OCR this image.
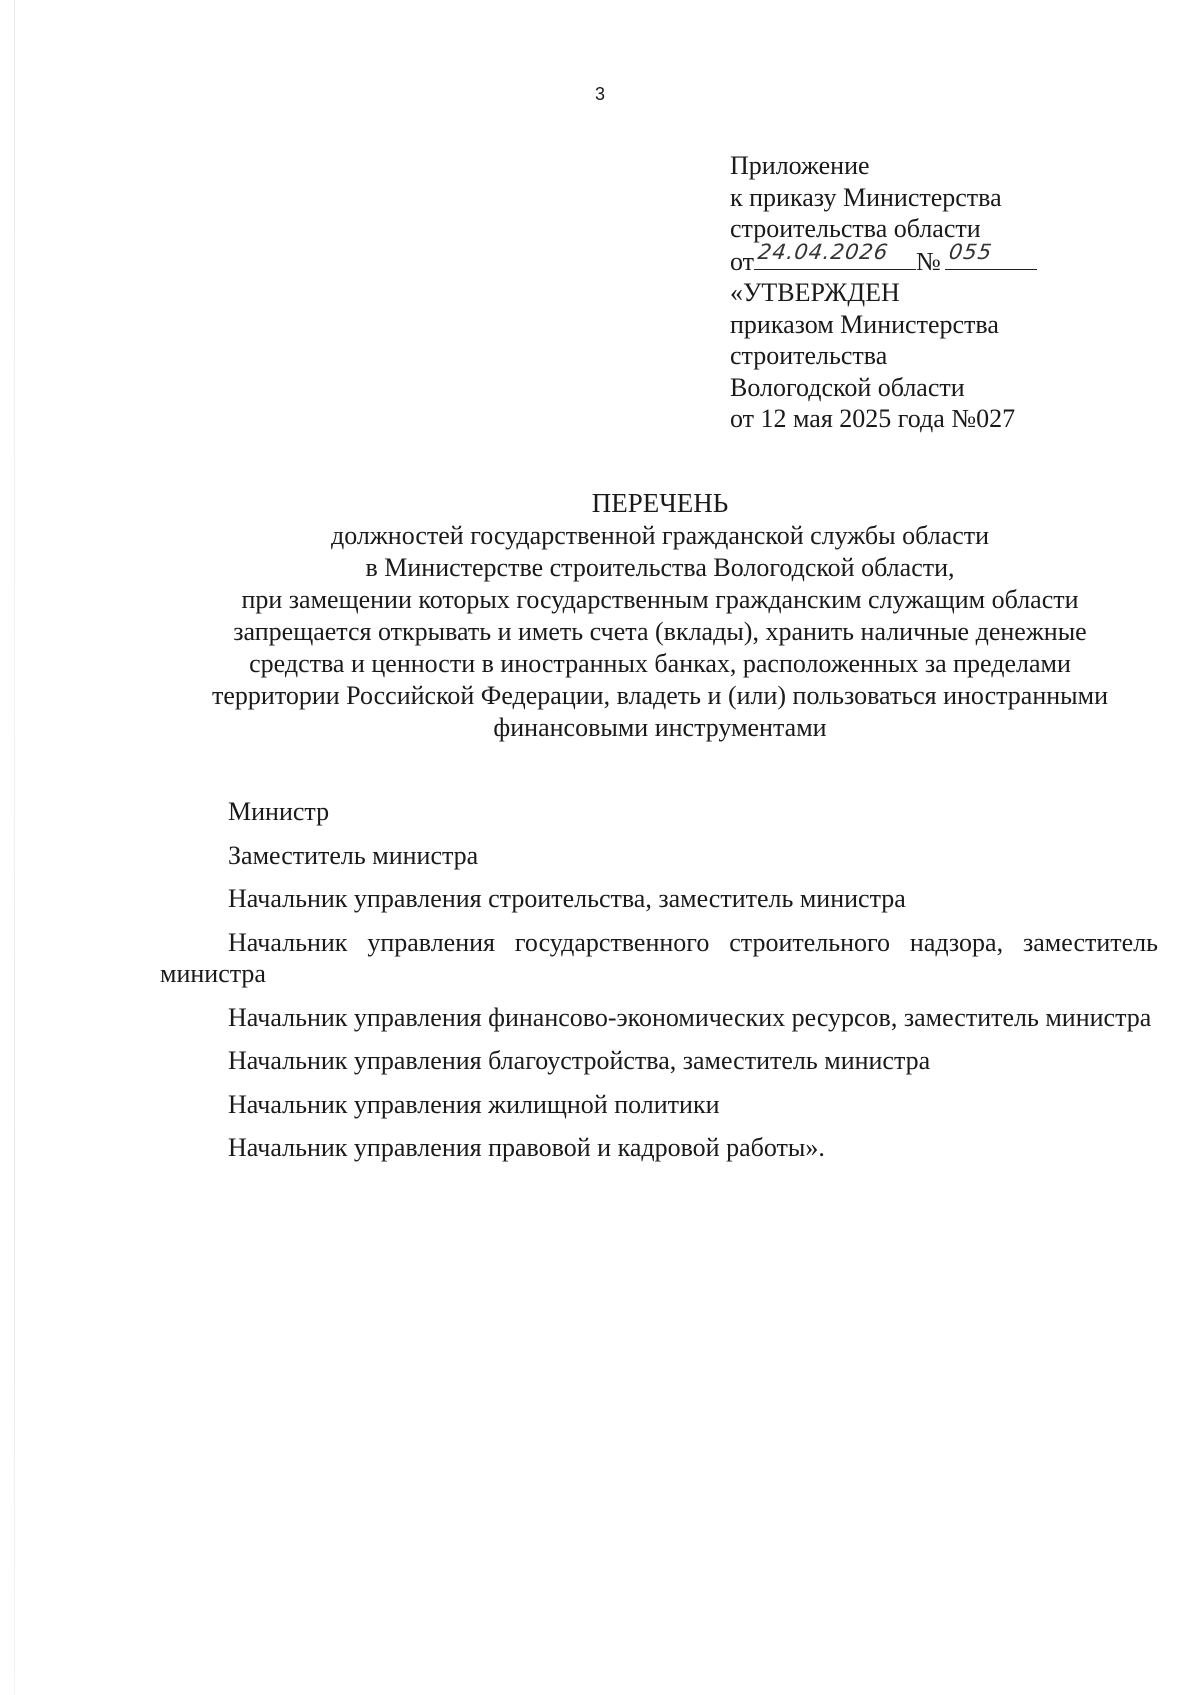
3
Приложение
к приказу Министерства
строительства области
от 24.04.2026 № 055
«УТВЕРЖДЕН
приказом Министерства
строительства
Вологодской области
от 12 мая 2025 года №027
ПЕРЕЧЕНЬ
должностей государственной гражданской службы области
в Министерстве строительства Вологодской области,
при замещении которых государственным гражданским служащим области
запрещается открывать и иметь счета (вклады), хранить наличные денежные
средства и ценности в иностранных банках, расположенных за пределами
территории Российской Федерации, владеть и (или) пользоваться иностранными
финансовыми инструментами
Министр
Заместитель министра
Начальник управления строительства, заместитель министра
Начальник управления государственного строительного надзора, заместитель министра
Начальник управления финансово-экономических ресурсов, заместитель министра
Начальник управления благоустройства, заместитель министра
Начальник управления жилищной политики
Начальник управления правовой и кадровой работы».
